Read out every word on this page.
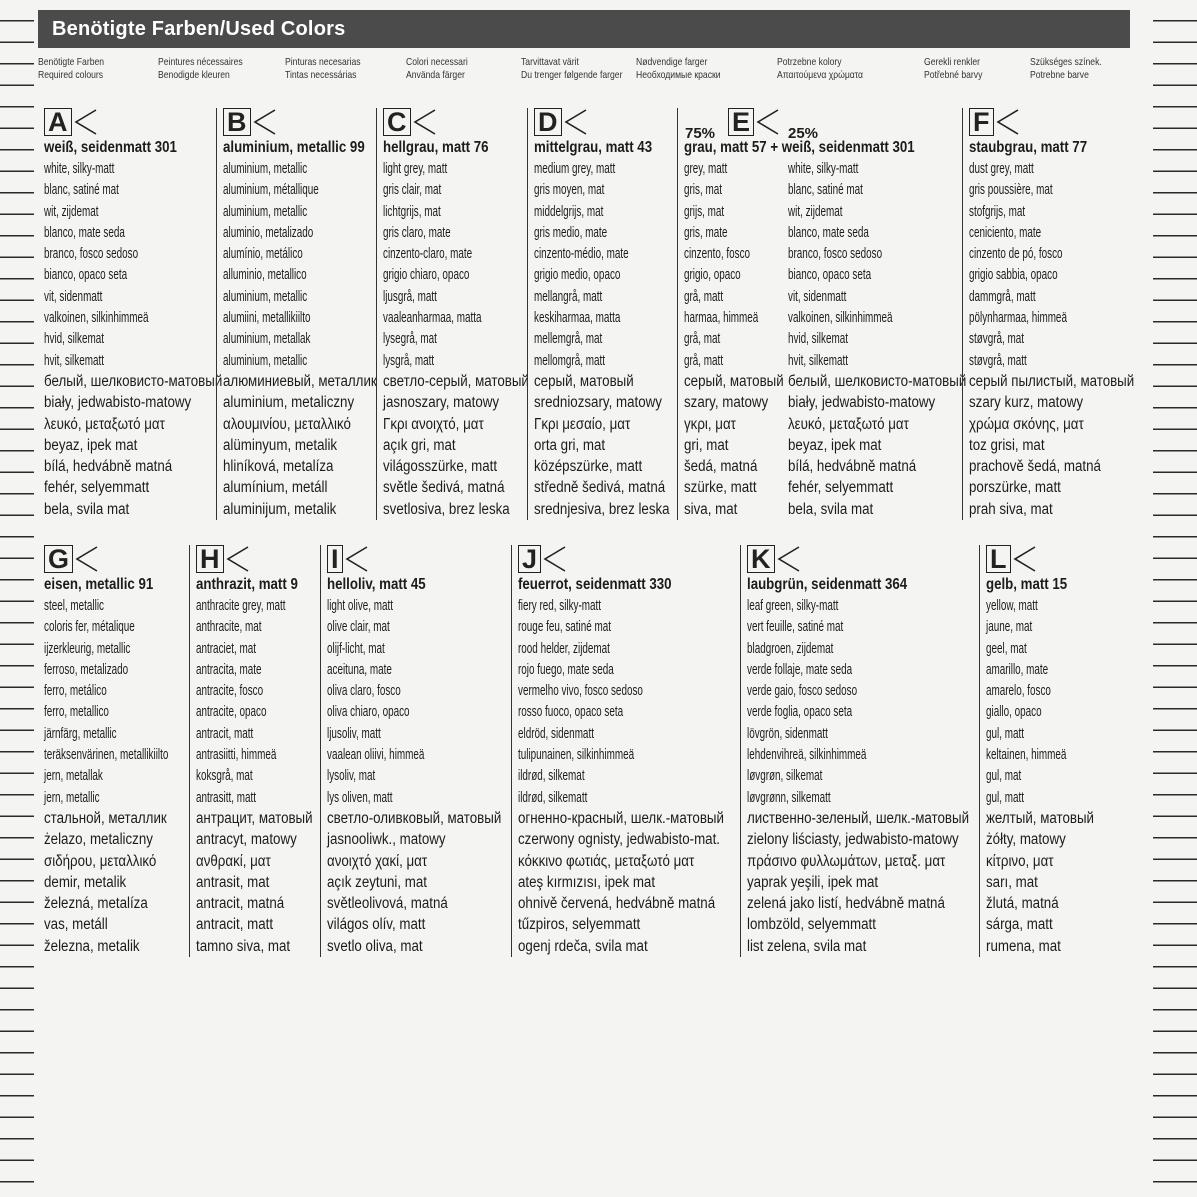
Benötigte Farben/Used Colors
Benötigte Farben
Required colours
Peintures nécessaires
Benodigde kleuren
Pinturas necesarias
Tintas necessárias
Colori necessari
Använda färger
Tarvittavat värit
Du trenger følgende farger
Nødvendige farger
Необходимые краски
Potrzebne kolory
Απαιτούμενα χρώματα
Gerekli renkler
Potřebné barvy
Szükséges színek.
Potrebne barve
A
weiß, seidenmatt 301
white, silky-matt
blanc, satiné mat
wit, zijdemat
blanco, mate seda
branco, fosco sedoso
bianco, opaco seta
vit, sidenmatt
valkoinen, silkinhimmeä
hvid, silkemat
hvit, silkematt
белый, шелковисто-матовый
biały, jedwabisto-matowy
λευκό, μεταξωτό ματ
beyaz, ipek mat
bílá, hedvábně matná
fehér, selyemmatt
bela, svila mat
B
aluminium, metallic 99
aluminium, metallic
aluminium, métallique
aluminium, metallic
aluminio, metalizado
alumínio, metálico
alluminio, metallico
aluminium, metallic
alumiini, metallikiilto
aluminium, metallak
aluminium, metallic
алюминиевый, металлик
aluminium, metaliczny
αλουμινίου, μεταλλικό
alüminyum, metalik
hliníková, metalíza
alumínium, metáll
aluminijum, metalik
C
hellgrau, matt 76
light grey, matt
gris clair, mat
lichtgrijs, mat
gris claro, mate
cinzento-claro, mate
grigio chiaro, opaco
ljusgrå, matt
vaaleanharmaa, matta
lysegrå, mat
lysgrå, matt
светло-серый, матовый
jasnoszary, matowy
Γκρι ανοιχτό, ματ
açık gri, mat
világosszürke, matt
světle šedivá, matná
svetlosiva, brez leska
D
mittelgrau, matt 43
medium grey, matt
gris moyen, mat
middelgrijs, mat
gris medio, mate
cinzento-médio, mate
grigio medio, opaco
mellangrå, matt
keskiharmaa, matta
mellemgrå, mat
mellomgrå, matt
серый, матовый
sredniozsary, matowy
Γκρι μεσαίο, ματ
orta gri, mat
középszürke, matt
středně šedivá, matná
srednjesiva, brez leska
E
75%	25%
grau, matt 57 + weiß, seidenmatt 301
grey, matt
gris, mat
grijs, mat
gris, mate
cinzento, fosco
grigio, opaco
grå, matt
harmaa, himmeä
grå, mat
grå, matt
серый, матовый
szary, matowy
γκρι, ματ
gri, mat
šedá, matná
szürke, matt
siva, mat
white, silky-matt
blanc, satiné mat
wit, zijdemat
blanco, mate seda
branco, fosco sedoso
bianco, opaco seta
vit, sidenmatt
valkoinen, silkinhimmeä
hvid, silkemat
hvit, silkematt
белый, шелковисто-матовый
biały, jedwabisto-matowy
λευκό, μεταξωτό ματ
beyaz, ipek mat
bílá, hedvábně matná
fehér, selyemmatt
bela, svila mat
F
staubgrau, matt 77
dust grey, matt
gris poussière, mat
stofgrijs, mat
ceniciento, mate
cinzento de pó, fosco
grigio sabbia, opaco
dammgrå, matt
pölynharmaa, himmeä
støvgrå, mat
støvgrå, matt
серый пылистый, матовый
szary kurz, matowy
χρώμα σκόνης, ματ
toz grisi, mat
prachově šedá, matná
porszürke, matt
prah siva, mat
G
eisen, metallic 91
steel, metallic
coloris fer, métalique
ijzerkleurig, metallic
ferroso, metalizado
ferro, metálico
ferro, metallico
järnfärg, metallic
teräksenvärinen, metallikiilto
jern, metallak
jern, metallic
стальной, металлик
żelazo, metaliczny
σιδήρου, μεταλλικό
demir, metalik
železná, metalíza
vas, metáll
železna, metalik
H
anthrazit, matt 9
anthracite grey, matt
anthracite, mat
antraciet, mat
antracita, mate
antracite, fosco
antracite, opaco
antracit, matt
antrasiitti, himmeä
koksgrå, mat
antrasitt, matt
антрацит, матовый
antracyt, matowy
ανθρακί, ματ
antrasit, mat
antracit, matná
antracit, matt
tamno siva, mat
I
helloliv, matt 45
light olive, matt
olive clair, mat
olijf-licht, mat
aceituna, mate
oliva claro, fosco
oliva chiaro, opaco
ljusoliv, matt
vaalean oliivi, himmeä
lysoliv, mat
lys oliven, matt
светло-оливковый, матовый
jasnooliwk., matowy
ανοιχτό χακί, ματ
açık zeytuni, mat
světleolivová, matná
világos olív, matt
svetlo oliva, mat
J
feuerrot, seidenmatt 330
fiery red, silky-matt
rouge feu, satiné mat
rood helder, zijdemat
rojo fuego, mate seda
vermelho vivo, fosco sedoso
rosso fuoco, opaco seta
eldröd, sidenmatt
tulipunainen, silkinhimmeä
ildrød, silkemat
ildrød, silkematt
огненно-красный, шелк.-матовый
czerwony ognisty, jedwabisto-mat.
κόκκινο φωτιάς, μεταξωτό ματ
ateş kırmızısı, ipek mat
ohnivě červená, hedvábně matná
tűzpiros, selyemmatt
ogenj rdeča, svila mat
K
laubgrün, seidenmatt 364
leaf green, silky-matt
vert feuille, satiné mat
bladgroen, zijdemat
verde follaje, mate seda
verde gaio, fosco sedoso
verde foglia, opaco seta
lövgrön, sidenmatt
lehdenvihreä, silkinhimmeä
løvgrøn, silkemat
løvgrønn, silkematt
лиственно-зеленый, шелк.-матовый
zielony liściasty, jedwabisto-matowy
πράσινο φυλλωμάτων, μεταξ. ματ
yaprak yeşili, ipek mat
zelená jako listí, hedvábně matná
lombzöld, selyemmatt
list zelena, svila mat
L
gelb, matt 15
yellow, matt
jaune, mat
geel, mat
amarillo, mate
amarelo, fosco
giallo, opaco
gul, matt
keltainen, himmeä
gul, mat
gul, matt
желтый, матовый
żółty, matowy
κίτρινο, ματ
sarı, mat
žlutá, matná
sárga, matt
rumena, mat
